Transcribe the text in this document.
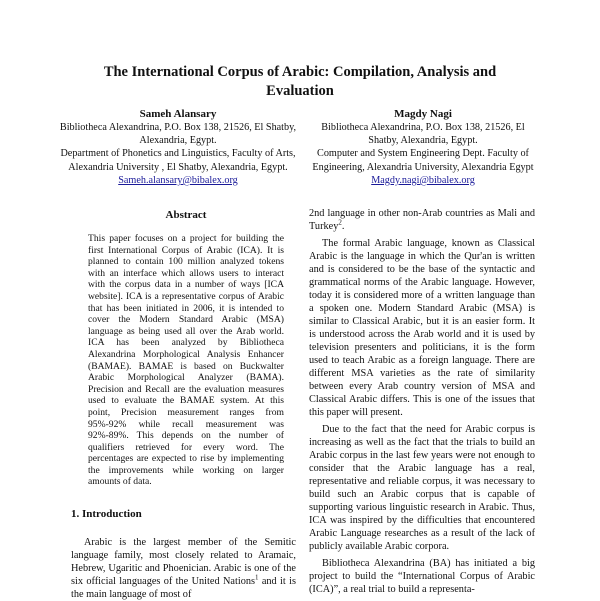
The International Corpus of Arabic: Compilation, Analysis and
Evaluation
Sameh Alansary
Bibliotheca Alexandrina, P.O. Box 138, 21526, El Shatby, Alexandria, Egypt.
Department of Phonetics and Linguistics, Faculty of Arts, Alexandria University , El Shatby, Alexandria, Egypt.
Sameh.alansary@bibalex.org
Magdy Nagi
Bibliotheca Alexandrina, P.O. Box 138, 21526, El Shatby, Alexandria, Egypt.
Computer and System Engineering Dept. Faculty of Engineering, Alexandria University, Alexandria Egypt
Magdy.nagi@bibalex.org
Abstract
This paper focuses on a project for building the first International Corpus of Arabic (ICA). It is planned to contain 100 million analyzed tokens with an interface which allows users to interact with the corpus data in a number of ways [ICA website]. ICA is a representative corpus of Arabic that has been initiated in 2006, it is intended to cover the Modern Standard Arabic (MSA) language as being used all over the Arab world. ICA has been analyzed by Bibliotheca Alexandrina Morphological Analysis Enhancer (BAMAE). BAMAE is based on Buckwalter Arabic Morphological Analyzer (BAMA). Precision and Recall are the evaluation measures used to evaluate the BAMAE system. At this point, Precision measurement ranges from 95%-92% while recall measurement was 92%-89%. This depends on the number of qualifiers retrieved for every word. The percentages are expected to rise by implementing the improvements while working on larger amounts of data.
1. Introduction

Arabic is the largest member of the Semitic language family, most closely related to Aramaic, Hebrew, Ugaritic and Phoenician. Arabic is one of the six official languages of the United Nations$^1$ and it is the main language of most of

2nd language in other non-Arab countries as Mali and Turkey$^2$.

The formal Arabic language, known as Classical Arabic is the language in which the Qur'an is written and is considered to be the base of the syntactic and grammatical norms of the Arabic language. However, today it is considered more of a written language than a spoken one. Modern Standard Arabic (MSA) is similar to Classical Arabic, but it is an easier form. It is understood across the Arab world and it is used by television presenters and politicians, it is the form used to teach Arabic as a foreign language. There are different MSA varieties as the rate of similarity between every Arab country version of MSA and Classical Arabic differs. This is one of the issues that this paper will present.

Due to the fact that the need for Arabic corpus is increasing as well as the fact that the trials to build an Arabic corpus in the last few years were not enough to consider that the Arabic language has a real, representative and reliable corpus, it was necessary to build such an Arabic corpus that is capable of supporting various linguistic research in Arabic. Thus, ICA was inspired by the difficulties that encountered Arabic Language researches as a result of the lack of publicly available Arabic corpora.

Bibliotheca Alexandrina (BA) has initiated a big project to build the “International Corpus of Arabic (ICA)”, a real trial to build a representa-
